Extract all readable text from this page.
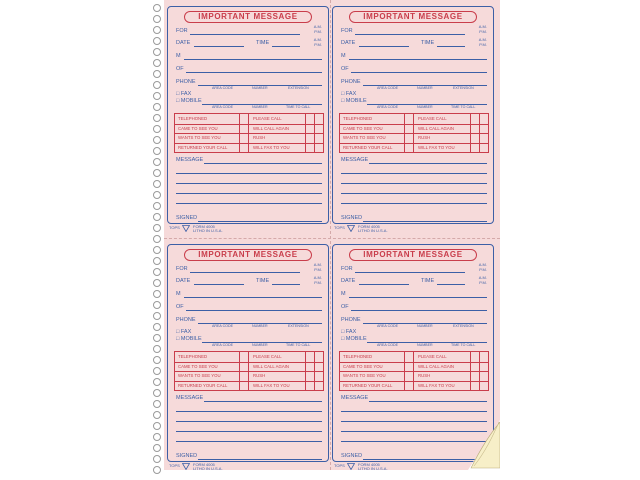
IMPORTANT MESSAGE
FOR
A.M.
P.M.
DATE	TIME
A.M.
P.M.
M
OF
PHONE
AREA CODE	NUMBER	EXTENSION
□ FAX
□ MOBILE
AREA CODE	NUMBER	TIME TO CALL
TELEPHONED	PLEASE CALL
CAME TO SEE YOU	WILL CALL AGAIN
WANTS TO SEE YOU	RUSH
RETURNED YOUR CALL	WILL FAX TO YOU
MESSAGE
SIGNED
TOPS	FORM 4005
LITHO IN U.S.A.
IMPORTANT MESSAGE
FOR
A.M.
P.M.
DATE	TIME
A.M.
P.M.
M
OF
PHONE
AREA CODE	NUMBER	EXTENSION
□ FAX
□ MOBILE
AREA CODE	NUMBER	TIME TO CALL
TELEPHONED	PLEASE CALL
CAME TO SEE YOU	WILL CALL AGAIN
WANTS TO SEE YOU	RUSH
RETURNED YOUR CALL	WILL FAX TO YOU
MESSAGE
SIGNED
TOPS	FORM 4005
LITHO IN U.S.A.
IMPORTANT MESSAGE
FOR
A.M.
P.M.
DATE	TIME
A.M.
P.M.
M
OF
PHONE
AREA CODE	NUMBER	EXTENSION
□ FAX
□ MOBILE
AREA CODE	NUMBER	TIME TO CALL
TELEPHONED	PLEASE CALL
CAME TO SEE YOU	WILL CALL AGAIN
WANTS TO SEE YOU	RUSH
RETURNED YOUR CALL	WILL FAX TO YOU
MESSAGE
SIGNED
TOPS	FORM 4005
LITHO IN U.S.A.
IMPORTANT MESSAGE
FOR
A.M.
P.M.
DATE	TIME
A.M.
P.M.
M
OF
PHONE
AREA CODE	NUMBER	EXTENSION
□ FAX
□ MOBILE
AREA CODE	NUMBER	TIME TO CALL
TELEPHONED	PLEASE CALL
CAME TO SEE YOU	WILL CALL AGAIN
WANTS TO SEE YOU	RUSH
RETURNED YOUR CALL	WILL FAX TO YOU
MESSAGE
SIGNED
TOPS	FORM 4005
LITHO IN U.S.A.
